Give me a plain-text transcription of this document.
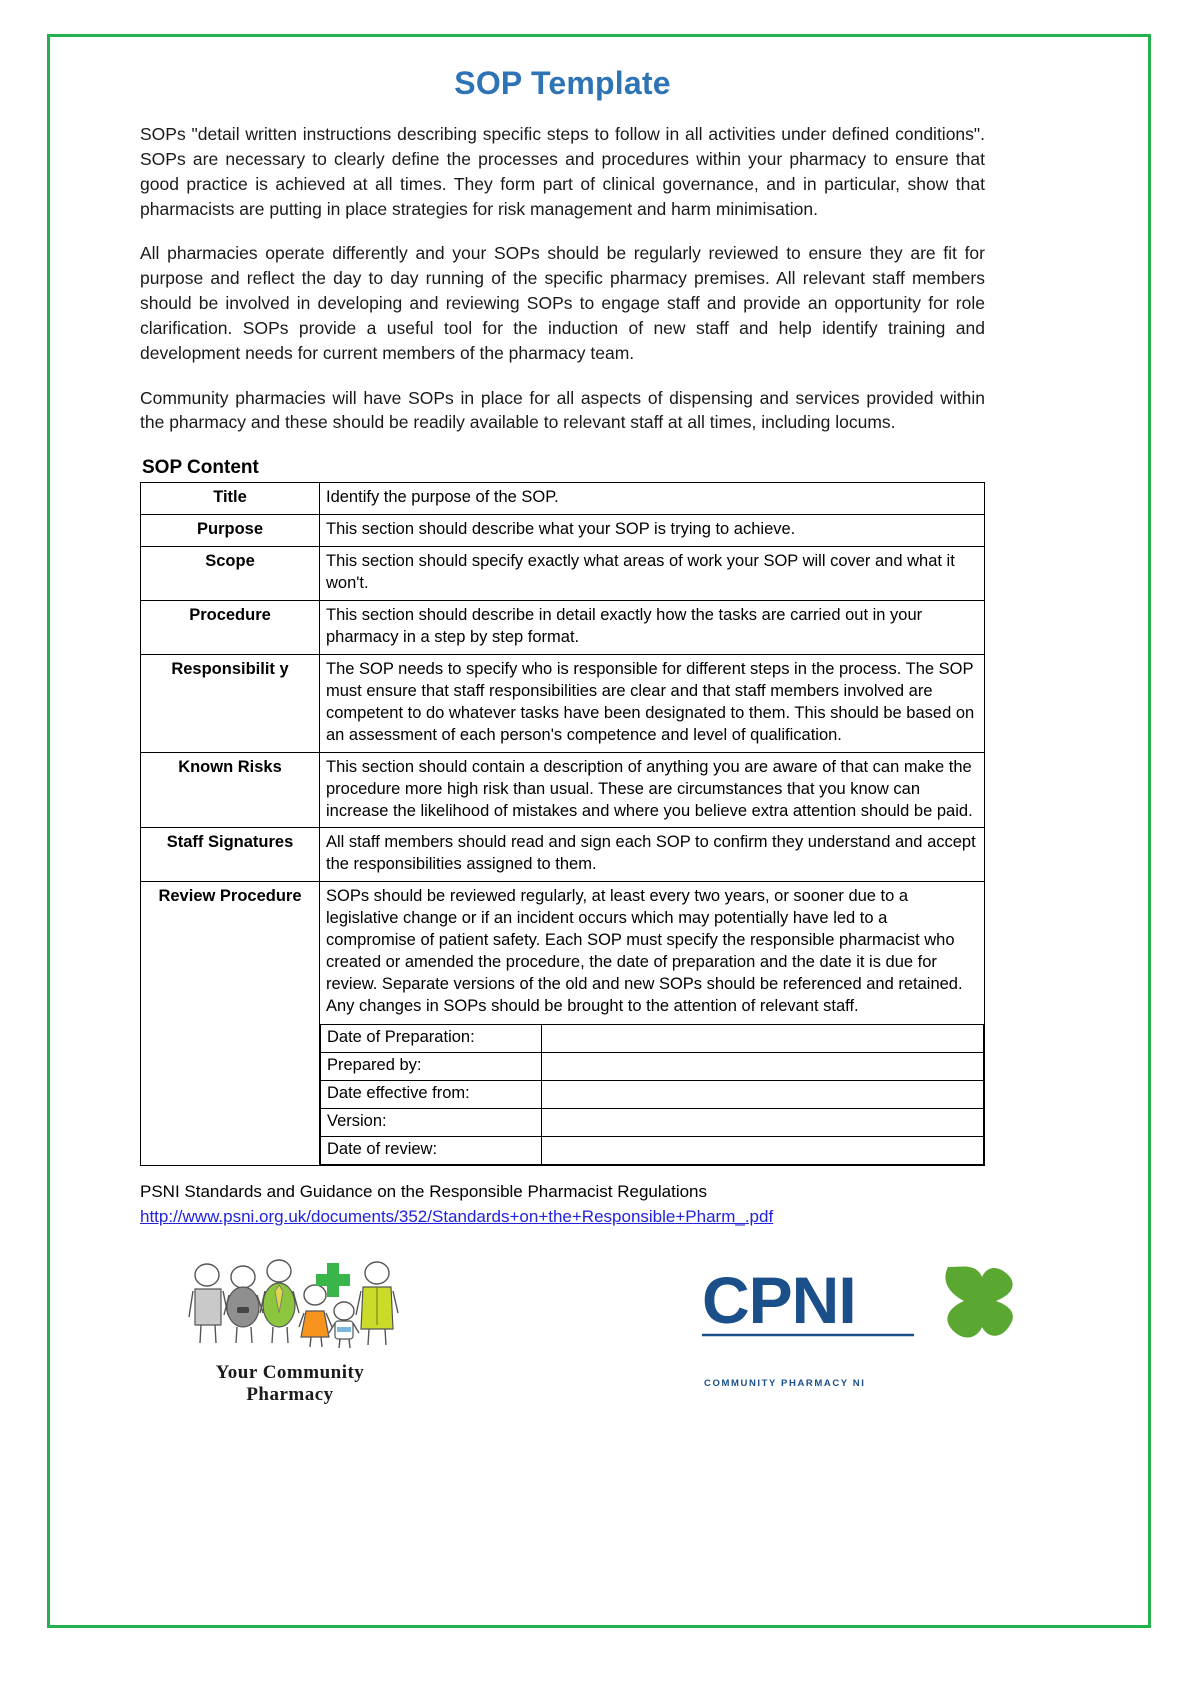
SOP Template

SOPs "detail written instructions describing specific steps to follow in all activities under defined conditions". SOPs are necessary to clearly define the processes and procedures within your pharmacy to ensure that good practice is achieved at all times. They form part of clinical governance, and in particular, show that pharmacists are putting in place strategies for risk management and harm minimisation.

All pharmacies operate differently and your SOPs should be regularly reviewed to ensure they are fit for purpose and reflect the day to day running of the specific pharmacy premises. All relevant staff members should be involved in developing and reviewing SOPs to engage staff and provide an opportunity for role clarification. SOPs provide a useful tool for the induction of new staff and help identify training and development needs for current members of the pharmacy team.

Community pharmacies will have SOPs in place for all aspects of dispensing and services provided within the pharmacy and these should be readily available to relevant staff at all times, including locums.

SOP Content
Title	Identify the purpose of the SOP.
Purpose	This section should describe what your SOP is trying to achieve.
Scope	This section should specify exactly what areas of work your SOP will cover and what it won't.
Procedure	This section should describe in detail exactly how the tasks are carried out in your pharmacy in a step by step format.
Responsibilit y	The SOP needs to specify who is responsible for different steps in the process. The SOP must ensure that staff responsibilities are clear and that staff members involved are competent to do whatever tasks have been designated to them. This should be based on an assessment of each person's competence and level of qualification.
Known Risks	This section should contain a description of anything you are aware of that can make the procedure more high risk than usual. These are circumstances that you know can increase the likelihood of mistakes and where you believe extra attention should be paid.
Staff Signatures	All staff members should read and sign each SOP to confirm they understand and accept the responsibilities assigned to them.
Review Procedure	SOPs should be reviewed regularly, at least every two years, or sooner due to a legislative change or if an incident occurs which may potentially have led to a compromise of patient safety. Each SOP must specify the responsible pharmacist who created or amended the procedure, the date of preparation and the date it is due for review. Separate versions of the old and new SOPs should be referenced and retained. Any changes in SOPs should be brought to the attention of relevant staff.
Date of Preparation:	
Prepared by:	
Date effective from:	
Version:	
Date of review:	
PSNI Standards and Guidance on the Responsible Pharmacist Regulations
http://www.psni.org.uk/documents/352/Standards+on+the+Responsible+Pharm_.pdf
Your Community Pharmacy
CPNI
COMMUNITY PHARMACY NI
